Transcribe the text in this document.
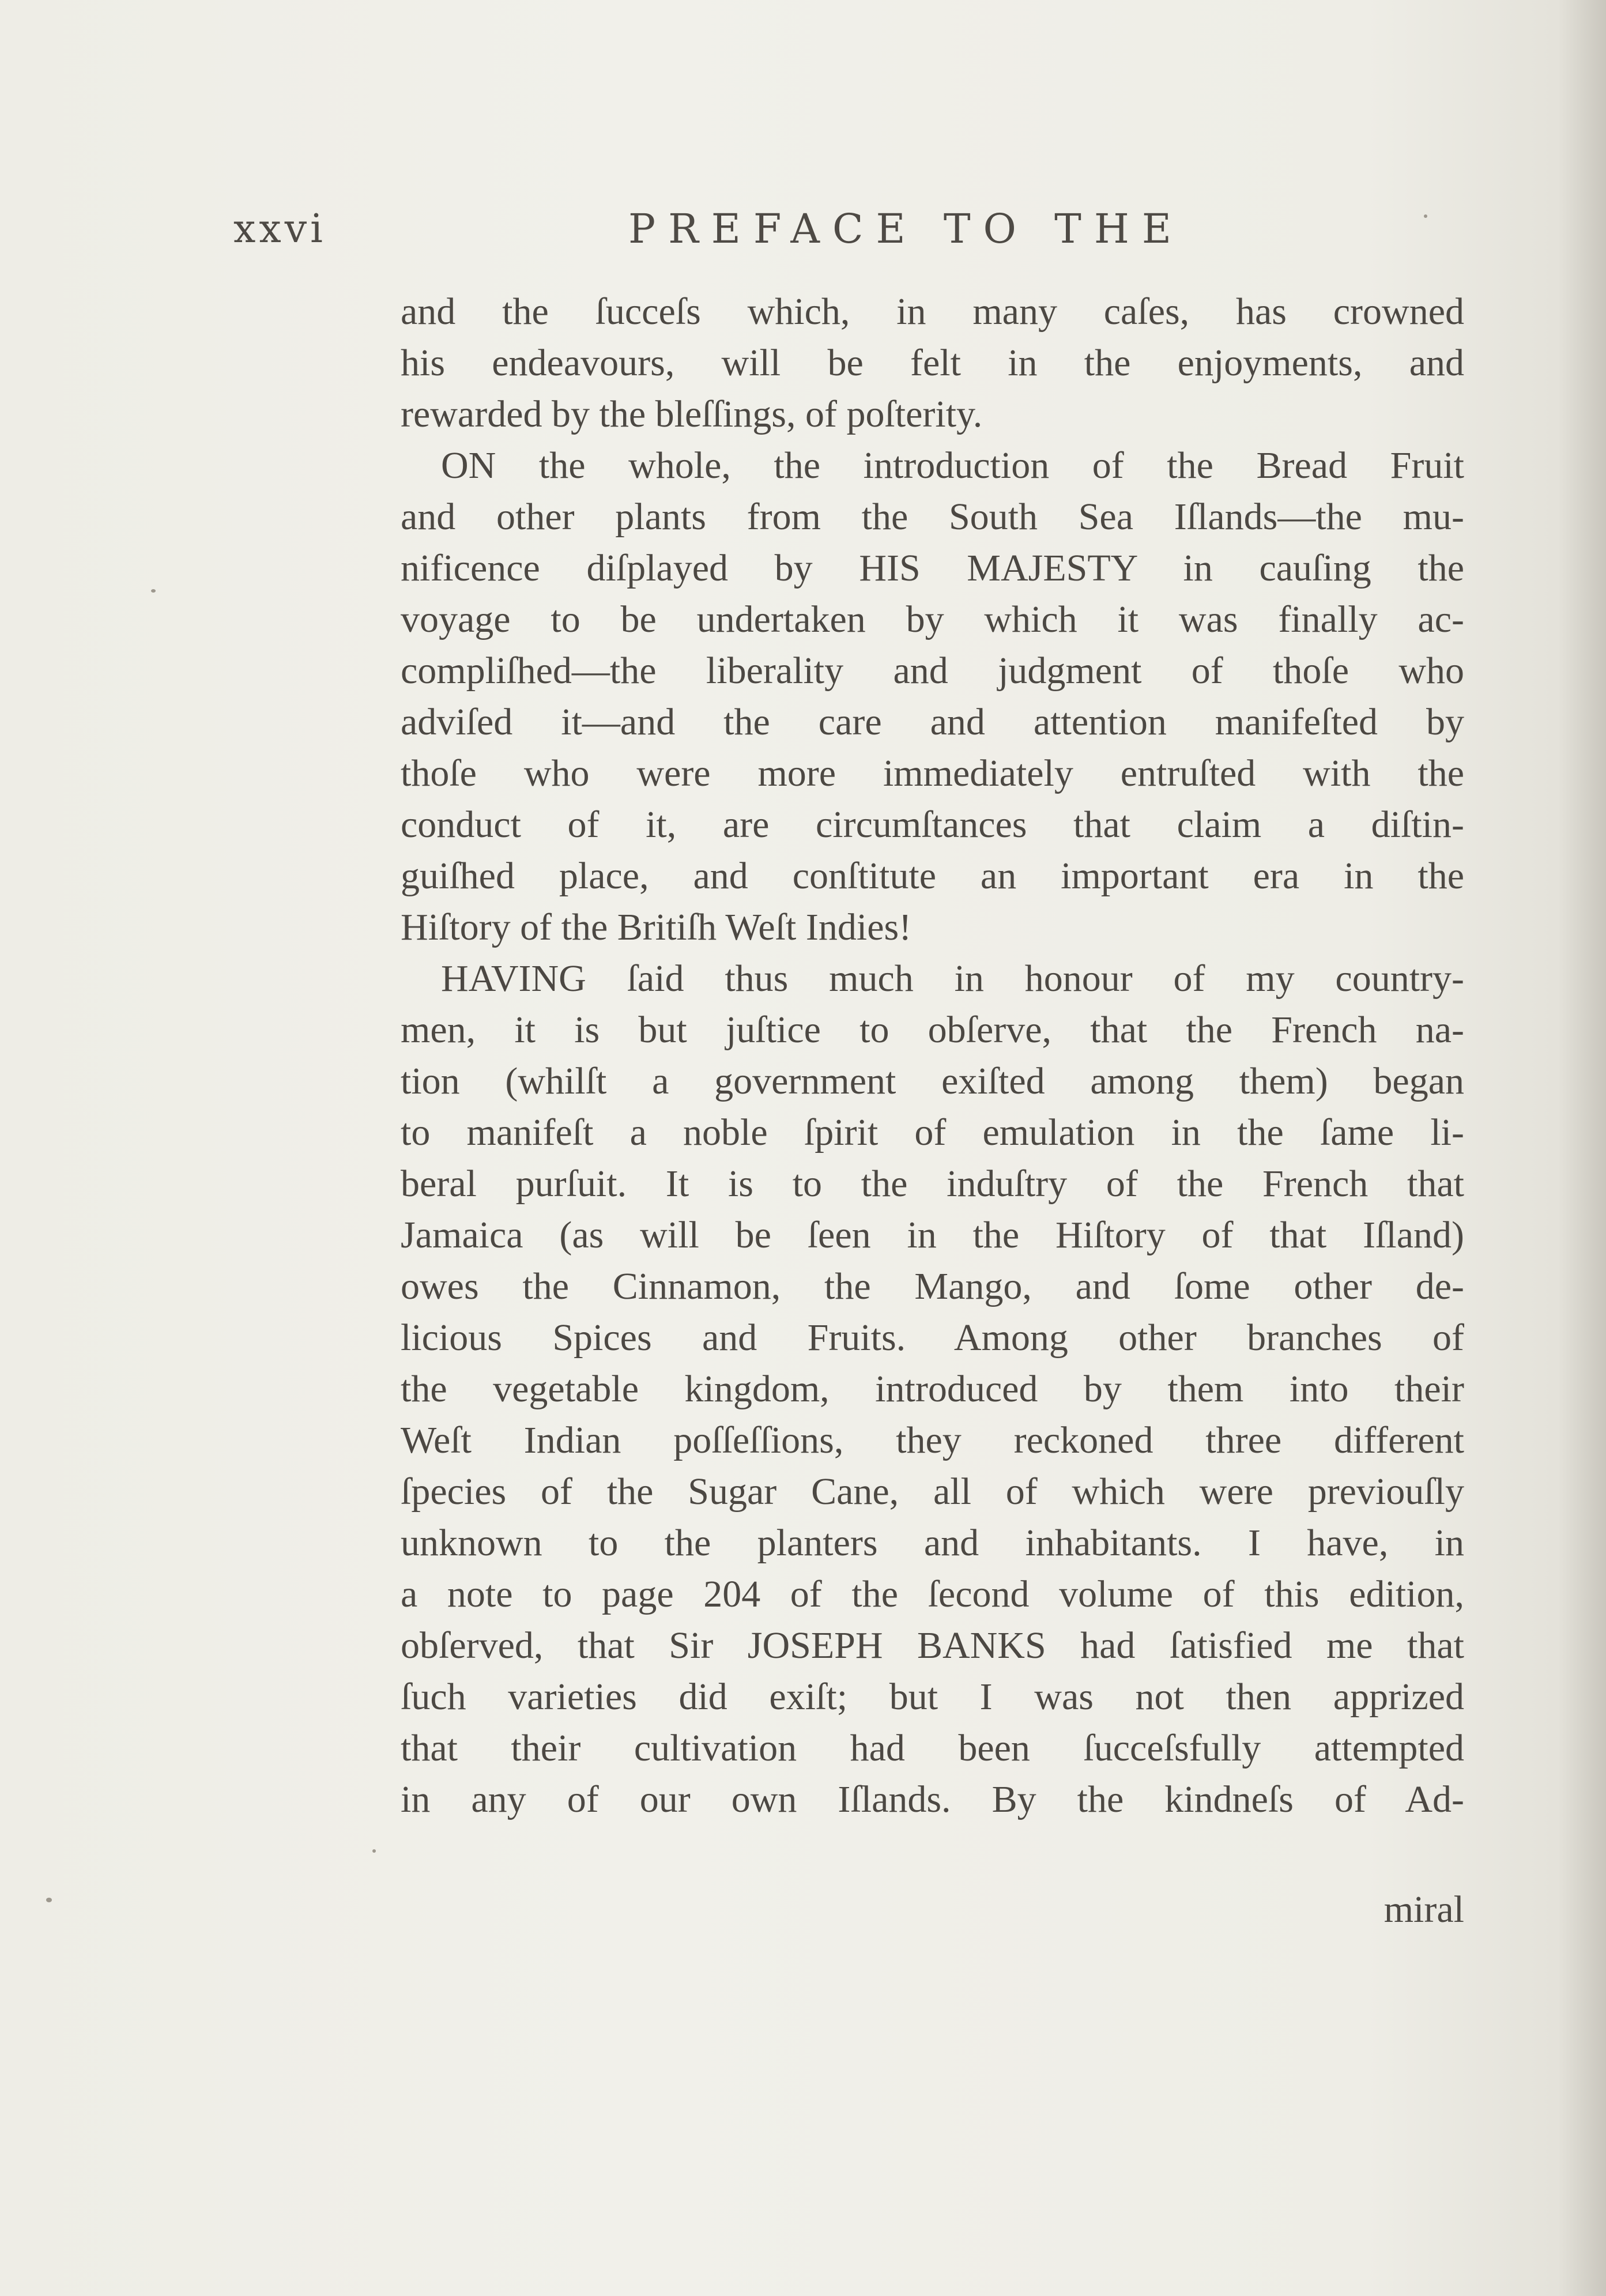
xxvi	PREFACE TO THE
and the ſucceſs which, in many caſes, has crowned
his endeavours, will be felt in the enjoyments, and
rewarded by the bleſſings, of poſterity.
ON the whole, the introduction of the Bread Fruit
and other plants from the South Sea Iſlands—the mu-
nificence diſplayed by HIS MAJESTY in cauſing the
voyage to be undertaken by which it was finally ac-
compliſhed—the liberality and judgment of thoſe who
adviſed it—and the care and attention manifeſted by
thoſe who were more immediately entruſted with the
conduct of it, are circumſtances that claim a diſtin-
guiſhed place, and conſtitute an important era in the
Hiſtory of the Britiſh Weſt Indies!
HAVING ſaid thus much in honour of my country-
men, it is but juſtice to obſerve, that the French na-
tion (whilſt a government exiſted among them) began
to manifeſt a noble ſpirit of emulation in the ſame li-
beral purſuit. It is to the induſtry of the French that
Jamaica (as will be ſeen in the Hiſtory of that Iſland)
owes the Cinnamon, the Mango, and ſome other de-
licious Spices and Fruits. Among other branches of
the vegetable kingdom, introduced by them into their
Weſt Indian poſſeſſions, they reckoned three different
ſpecies of the Sugar Cane, all of which were previouſly
unknown to the planters and inhabitants. I have, in
a note to page 204 of the ſecond volume of this edition,
obſerved, that Sir JOSEPH BANKS had ſatisfied me that
ſuch varieties did exiſt; but I was not then apprized
that their cultivation had been ſucceſsfully attempted
in any of our own Iſlands. By the kindneſs of Ad-
miral
